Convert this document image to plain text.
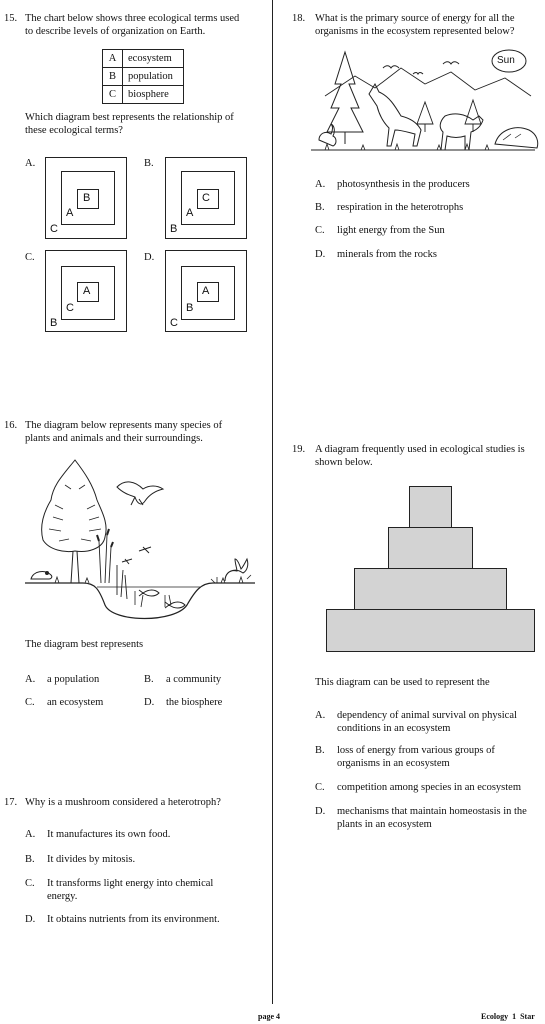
15. The chart below shows three ecological terms used
to describe levels of organization on Earth.
A	ecosystem
B	population
C	biosphere
Which diagram best represents the relationship of
these ecological terms?
A.
C
A
B
B.
B
A
C
C.
B
C
A
D.
C
B
A
16. The diagram below represents many species of
plants and animals and their surroundings.
The diagram best represents
A. a population	B. a community
C. an ecosystem	D. the biosphere
17. Why is a mushroom considered a heterotroph?
A. It manufactures its own food.
B. It divides by mitosis.
C. It transforms light energy into chemical
energy.
D. It obtains nutrients from its environment.
18. What is the primary source of energy for all the
organisms in the ecosystem represented below?
Sun
A. photosynthesis in the producers
B. respiration in the heterotrophs
C. light energy from the Sun
D. minerals from the rocks
19. A diagram frequently used in ecological studies is
shown below.
This diagram can be used to represent the
A. dependency of animal survival on physical
conditions in an ecosystem
B. loss of energy from various groups of
organisms in an ecosystem
C. competition among species in an ecosystem
D. mechanisms that maintain homeostasis in the
plants in an ecosystem
page 4	Ecology  1  Star
